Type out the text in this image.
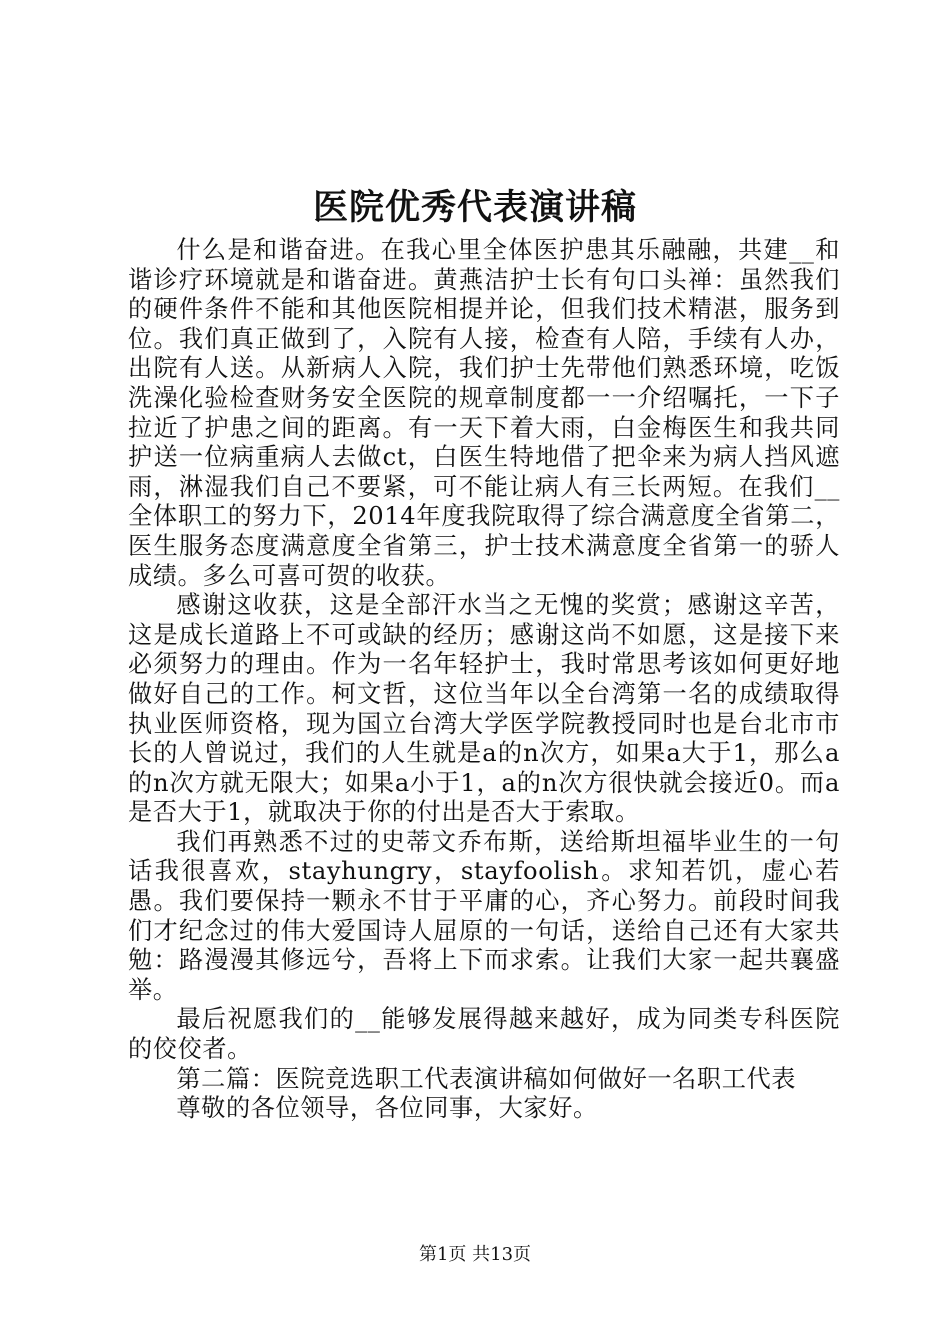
医院优秀代表演讲稿

什么是和谐奋进。在我心里全体医护患其乐融融，共建__和谐诊疗环境就是和谐奋进。黄燕洁护士长有句口头禅：虽然我们的硬件条件不能和其他医院相提并论，但我们技术精湛，服务到位。我们真正做到了，入院有人接，检查有人陪，手续有人办，出院有人送。从新病人入院，我们护士先带他们熟悉环境，吃饭洗澡化验检查财务安全医院的规章制度都一一介绍嘱托，一下子拉近了护患之间的距离。有一天下着大雨，白金梅医生和我共同护送一位病重病人去做ct，白医生特地借了把伞来为病人挡风遮雨，淋湿我们自己不要紧，可不能让病人有三长两短。在我们__全体职工的努力下，2014年度我院取得了综合满意度全省第二，医生服务态度满意度全省第三，护士技术满意度全省第一的骄人成绩。多么可喜可贺的收获。

感谢这收获，这是全部汗水当之无愧的奖赏；感谢这辛苦，这是成长道路上不可或缺的经历；感谢这尚不如愿，这是接下来必须努力的理由。作为一名年轻护士，我时常思考该如何更好地做好自己的工作。柯文哲，这位当年以全台湾第一名的成绩取得执业医师资格，现为国立台湾大学医学院教授同时也是台北市市长的人曾说过，我们的人生就是a的n次方，如果a大于1，那么a的n次方就无限大；如果a小于1，a的n次方很快就会接近0。而a是否大于1，就取决于你的付出是否大于索取。

我们再熟悉不过的史蒂文乔布斯，送给斯坦福毕业生的一句话我很喜欢，stayhungry，stayfoolish。求知若饥，虚心若愚。我们要保持一颗永不甘于平庸的心，齐心努力。前段时间我们才纪念过的伟大爱国诗人屈原的一句话，送给自己还有大家共勉：路漫漫其修远兮，吾将上下而求索。让我们大家一起共襄盛举。

最后祝愿我们的__能够发展得越来越好，成为同类专科医院的佼佼者。

第二篇：医院竞选职工代表演讲稿如何做好一名职工代表

尊敬的各位领导，各位同事，大家好。

第1页 共13页
